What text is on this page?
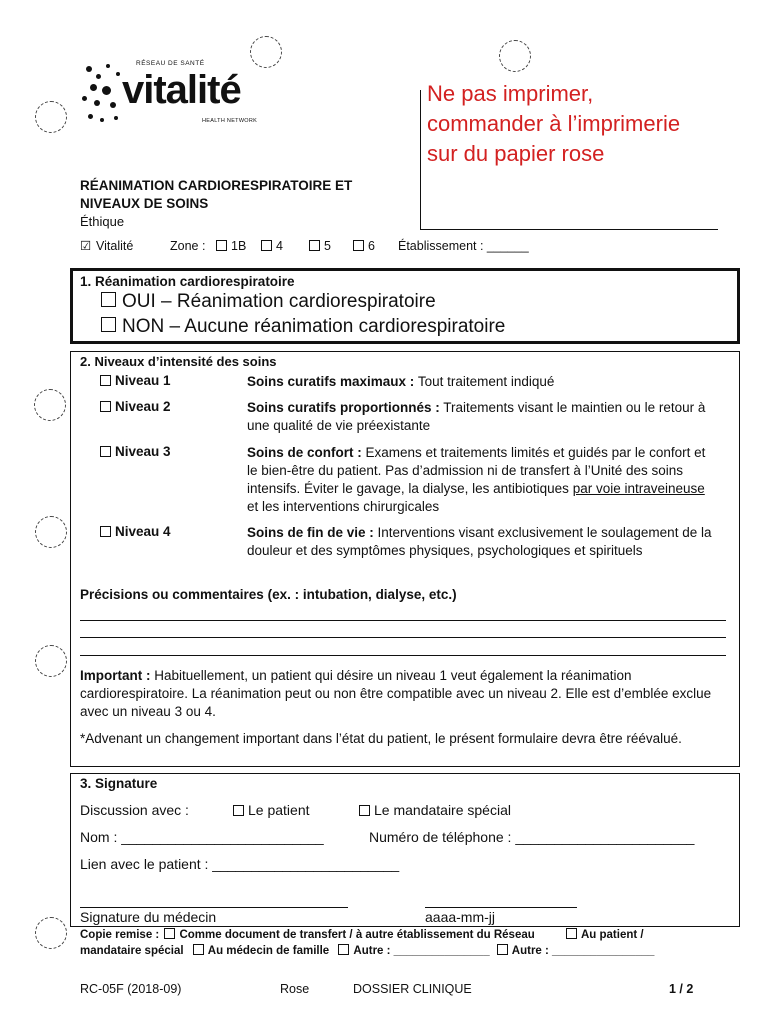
RÉSEAU DE SANTÉ
vitalité
HEALTH NETWORK
Ne pas imprimer,
commander à l’imprimerie
sur du papier rose
RÉANIMATION CARDIORESPIRATOIRE ET
NIVEAUX DE SOINS
Éthique
☑ Vitalité	Zone :	1B	4	5	6 Établissement : ______
1. Réanimation cardiorespiratoire
OUI – Réanimation cardiorespiratoire
NON – Aucune réanimation cardiorespiratoire
2. Niveaux d’intensité des soins
Niveau 1	Soins curatifs maximaux : Tout traitement indiqué
Niveau 2	Soins curatifs proportionnés : Traitements visant le maintien ou le retour à une qualité de vie préexistante
Niveau 3	Soins de confort : Examens et traitements limités et guidés par le confort et le bien-être du patient. Pas d’admission ni de transfert à l’Unité des soins intensifs. Éviter le gavage, la dialyse, les antibiotiques par voie intraveineuse et les interventions chirurgicales
Niveau 4	Soins de fin de vie : Interventions visant exclusivement le soulagement de la douleur et des symptômes physiques, psychologiques et spirituels
Précisions ou commentaires (ex. : intubation, dialyse, etc.)
Important : Habituellement, un patient qui désire un niveau 1 veut également la réanimation cardiorespiratoire. La réanimation peut ou non être compatible avec un niveau 2. Elle est d’emblée exclue avec un niveau 3 ou 4.
*Advenant un changement important dans l’état du patient, le présent formulaire devra être réévalué.
3. Signature
Discussion avec :	Le patient	Le mandataire spécial
Nom : __________________________	Numéro de téléphone : _______________________
Lien avec le patient : ________________________
Signature du médecin	aaaa-mm-jj
Copie remise : Comme document de transfert / à autre établissement du Réseau	Au patient /
mandataire spécial Au médecin de famille Autre : _______________ Autre : ________________
RC-05F (2018-09)	Rose	DOSSIER CLINIQUE	1 / 2
